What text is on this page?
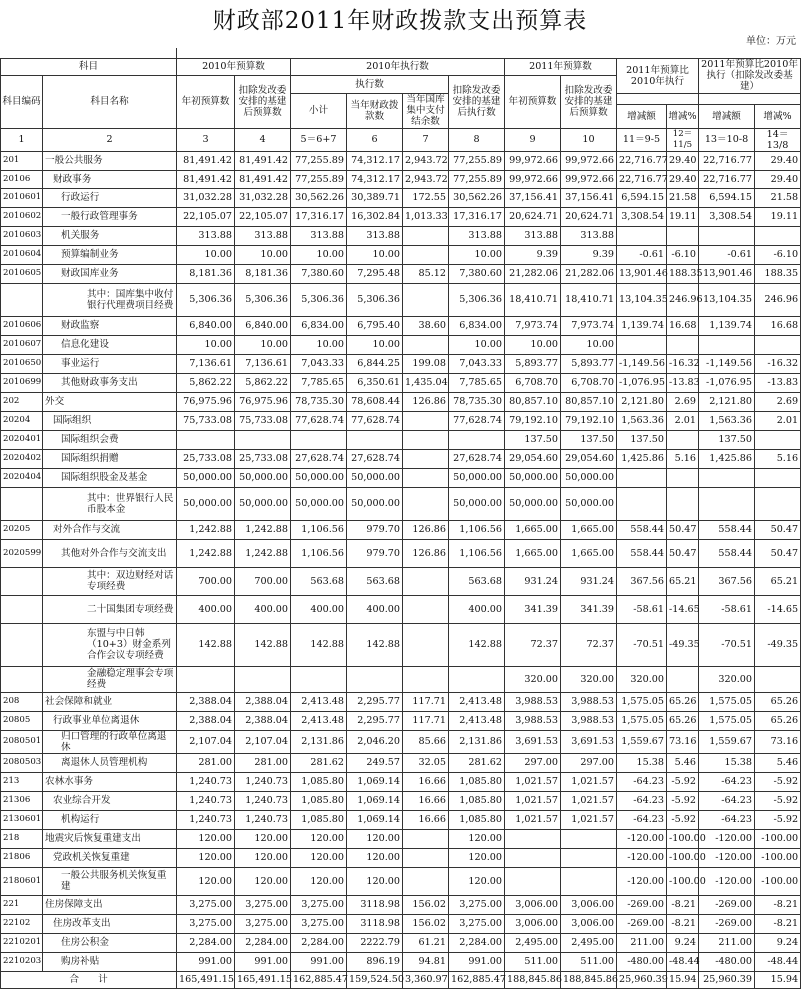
财政部2011年财政拨款支出预算表
单位：万元

科目		2010年预算数		2010年执行数				2011年预算数		2011年预算比2010年执行		2011年预算比2010年执行（扣除发改委基建）	
科目编码	科目名称	年初预算数	扣除发改委安排的基建后预算数	执行数			扣除发改委安排的基建后执行数	年初预算数	扣除发改委安排的基建后预算数				
				小计	当年财政拨款数	当年国库集中支付结余数							
										增减额	增减%	增减额	增减%
1	2	3	4	5＝6+7	6	7	8	9	10	11＝9-5	12＝11/5	13＝10-8	14＝13/8
201	一般公共服务	81,491.42	81,491.42	77,255.89	74,312.17	2,943.72	77,255.89	99,972.66	99,972.66	22,716.77	29.40	22,716.77	29.40
20106	财政事务	81,491.42	81,491.42	77,255.89	74,312.17	2,943.72	77,255.89	99,972.66	99,972.66	22,716.77	29.40	22,716.77	29.40
2010601	行政运行	31,032.28	31,032.28	30,562.26	30,389.71	172.55	30,562.26	37,156.41	37,156.41	6,594.15	21.58	6,594.15	21.58
2010602	一般行政管理事务	22,105.07	22,105.07	17,316.17	16,302.84	1,013.33	17,316.17	20,624.71	20,624.71	3,308.54	19.11	3,308.54	19.11
2010603	机关服务	313.88	313.88	313.88	313.88		313.88	313.88	313.88				
2010604	预算编制业务	10.00	10.00	10.00	10.00		10.00	9.39	9.39	-0.61	-6.10	-0.61	-6.10
2010605	财政国库业务	8,181.36	8,181.36	7,380.60	7,295.48	85.12	7,380.60	21,282.06	21,282.06	13,901.46	188.35	13,901.46	188.35
	其中：国库集中收付银行代理费项目经费	5,306.36	5,306.36	5,306.36	5,306.36		5,306.36	18,410.71	18,410.71	13,104.35	246.96	13,104.35	246.96
2010606	财政监察	6,840.00	6,840.00	6,834.00	6,795.40	38.60	6,834.00	7,973.74	7,973.74	1,139.74	16.68	1,139.74	16.68
2010607	信息化建设	10.00	10.00	10.00	10.00		10.00	10.00	10.00				
2010650	事业运行	7,136.61	7,136.61	7,043.33	6,844.25	199.08	7,043.33	5,893.77	5,893.77	-1,149.56	-16.32	-1,149.56	-16.32
2010699	其他财政事务支出	5,862.22	5,862.22	7,785.65	6,350.61	1,435.04	7,785.65	6,708.70	6,708.70	-1,076.95	-13.83	-1,076.95	-13.83
202	外交	76,975.96	76,975.96	78,735.30	78,608.44	126.86	78,735.30	80,857.10	80,857.10	2,121.80	2.69	2,121.80	2.69
20204	国际组织	75,733.08	75,733.08	77,628.74	77,628.74		77,628.74	79,192.10	79,192.10	1,563.36	2.01	1,563.36	2.01
2020401	国际组织会费							137.50	137.50	137.50		137.50	
2020402	国际组织捐赠	25,733.08	25,733.08	27,628.74	27,628.74		27,628.74	29,054.60	29,054.60	1,425.86	5.16	1,425.86	5.16
2020404	国际组织股金及基金	50,000.00	50,000.00	50,000.00	50,000.00		50,000.00	50,000.00	50,000.00				
	其中：世界银行人民币股本金	50,000.00	50,000.00	50,000.00	50,000.00		50,000.00	50,000.00	50,000.00				
20205	对外合作与交流	1,242.88	1,242.88	1,106.56	979.70	126.86	1,106.56	1,665.00	1,665.00	558.44	50.47	558.44	50.47
2020599	其他对外合作与交流支出	1,242.88	1,242.88	1,106.56	979.70	126.86	1,106.56	1,665.00	1,665.00	558.44	50.47	558.44	50.47
	其中：双边财经对话专项经费	700.00	700.00	563.68	563.68		563.68	931.24	931.24	367.56	65.21	367.56	65.21
	二十国集团专项经费	400.00	400.00	400.00	400.00		400.00	341.39	341.39	-58.61	-14.65	-58.61	-14.65
	东盟与中日韩（10+3）财金系列合作会议专项经费	142.88	142.88	142.88	142.88		142.88	72.37	72.37	-70.51	-49.35	-70.51	-49.35
	金融稳定理事会专项经费							320.00	320.00	320.00		320.00	
208	社会保障和就业	2,388.04	2,388.04	2,413.48	2,295.77	117.71	2,413.48	3,988.53	3,988.53	1,575.05	65.26	1,575.05	65.26
20805	行政事业单位离退休	2,388.04	2,388.04	2,413.48	2,295.77	117.71	2,413.48	3,988.53	3,988.53	1,575.05	65.26	1,575.05	65.26
2080501	归口管理的行政单位离退休	2,107.04	2,107.04	2,131.86	2,046.20	85.66	2,131.86	3,691.53	3,691.53	1,559.67	73.16	1,559.67	73.16
2080503	离退休人员管理机构	281.00	281.00	281.62	249.57	32.05	281.62	297.00	297.00	15.38	5.46	15.38	5.46
213	农林水事务	1,240.73	1,240.73	1,085.80	1,069.14	16.66	1,085.80	1,021.57	1,021.57	-64.23	-5.92	-64.23	-5.92
21306	农业综合开发	1,240.73	1,240.73	1,085.80	1,069.14	16.66	1,085.80	1,021.57	1,021.57	-64.23	-5.92	-64.23	-5.92
2130601	机构运行	1,240.73	1,240.73	1,085.80	1,069.14	16.66	1,085.80	1,021.57	1,021.57	-64.23	-5.92	-64.23	-5.92
218	地震灾后恢复重建支出	120.00	120.00	120.00	120.00		120.00			-120.00	-100.00	-120.00	-100.00
21806	党政机关恢复重建	120.00	120.00	120.00	120.00		120.00			-120.00	-100.00	-120.00	-100.00
2180601	一般公共服务机关恢复重建	120.00	120.00	120.00	120.00		120.00			-120.00	-100.00	-120.00	-100.00
221	住房保障支出	3,275.00	3,275.00	3,275.00	3118.98	156.02	3,275.00	3,006.00	3,006.00	-269.00	-8.21	-269.00	-8.21
22102	住房改革支出	3,275.00	3,275.00	3,275.00	3118.98	156.02	3,275.00	3,006.00	3,006.00	-269.00	-8.21	-269.00	-8.21
2210201	住房公积金	2,284.00	2,284.00	2,284.00	2222.79	61.21	2,284.00	2,495.00	2,495.00	211.00	9.24	211.00	9.24
2210203	购房补贴	991.00	991.00	991.00	896.19	94.81	991.00	511.00	511.00	-480.00	-48.44	-480.00	-48.44
合　　计		165,491.15	165,491.15	162,885.47	159,524.50	3,360.97	162,885.47	188,845.86	188,845.86	25,960.39	15.94	25,960.39	15.94
